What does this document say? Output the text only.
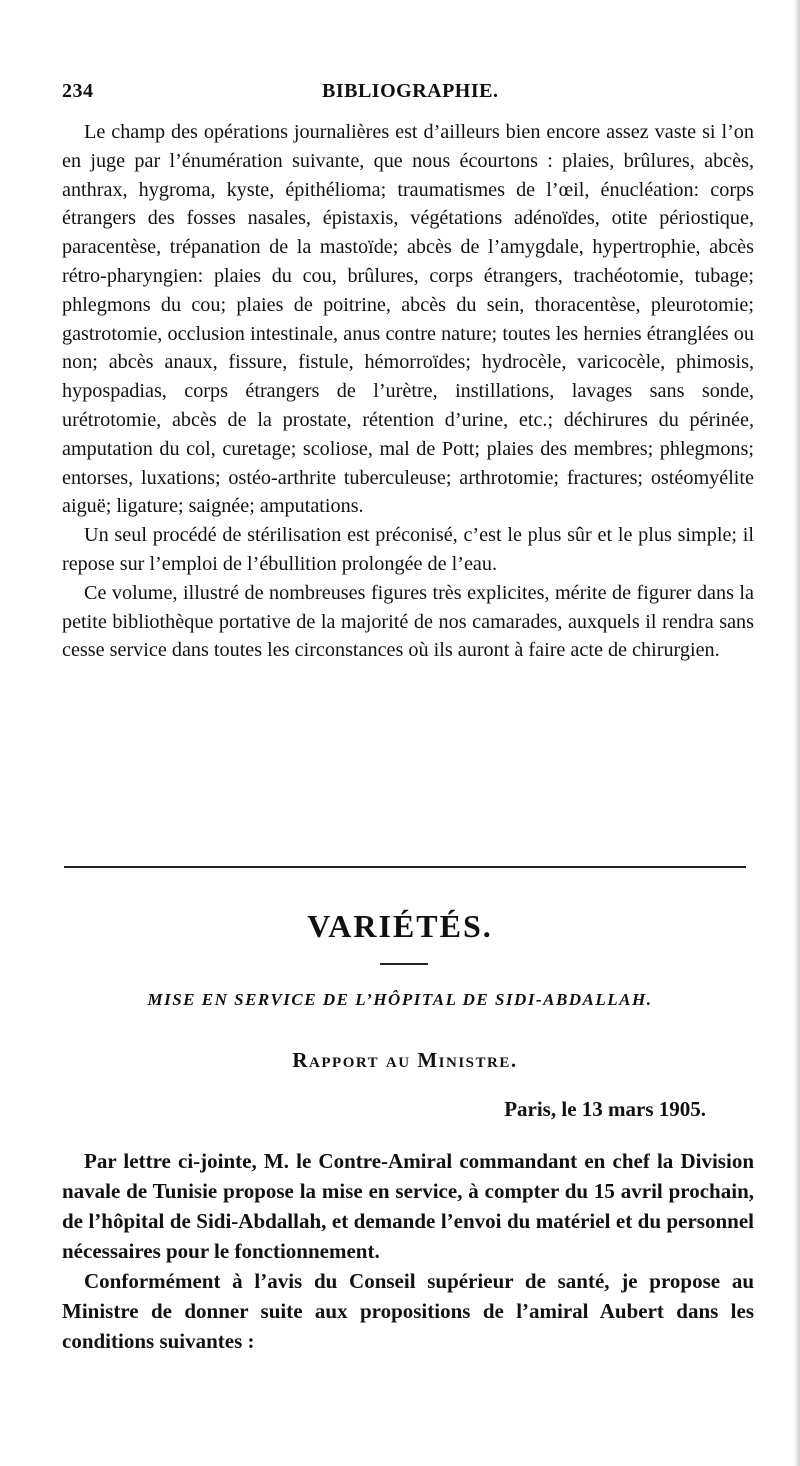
234	BIBLIOGRAPHIE.

Le champ des opérations journalières est d’ailleurs bien encore assez vaste si l’on en juge par l’énumération suivante, que nous écourtons : plaies, brûlures, abcès, anthrax, hygroma, kyste, épithélioma; traumatismes de l’œil, énucléation: corps étrangers des fosses nasales, épistaxis, végétations adénoïdes, otite périostique, paracentèse, trépanation de la mastoïde; abcès de l’amygdale, hypertrophie, abcès rétro-pharyngien: plaies du cou, brûlures, corps étrangers, trachéotomie, tubage; phlegmons du cou; plaies de poitrine, abcès du sein, thoracentèse, pleurotomie; gastrotomie, occlusion intestinale, anus contre nature; toutes les hernies étranglées ou non; abcès anaux, fissure, fistule, hémorroïdes; hydrocèle, varicocèle, phimosis, hypospadias, corps étrangers de l’urètre, instillations, lavages sans sonde, urétrotomie, abcès de la prostate, rétention d’urine, etc.; déchirures du périnée, amputation du col, curetage; scoliose, mal de Pott; plaies des membres; phlegmons; entorses, luxations; ostéo-arthrite tuberculeuse; arthrotomie; fractures; ostéomyélite aiguë; ligature; saignée; amputations.

Un seul procédé de stérilisation est préconisé, c’est le plus sûr et le plus simple; il repose sur l’emploi de l’ébullition prolongée de l’eau.

Ce volume, illustré de nombreuses figures très explicites, mérite de figurer dans la petite bibliothèque portative de la majorité de nos camarades, auxquels il rendra sans cesse service dans toutes les circonstances où ils auront à faire acte de chirurgien.

VARIÉTÉS.
MISE EN SERVICE DE L’HÔPITAL DE SIDI-ABDALLAH.
Rapport au Ministre.
Paris, le 13 mars 1905.

Par lettre ci-jointe, M. le Contre-Amiral commandant en chef la Division navale de Tunisie propose la mise en service, à compter du 15 avril prochain, de l’hôpital de Sidi-Abdallah, et demande l’envoi du matériel et du personnel nécessaires pour le fonctionnement.

Conformément à l’avis du Conseil supérieur de santé, je propose au Ministre de donner suite aux propositions de l’amiral Aubert dans les conditions suivantes :
